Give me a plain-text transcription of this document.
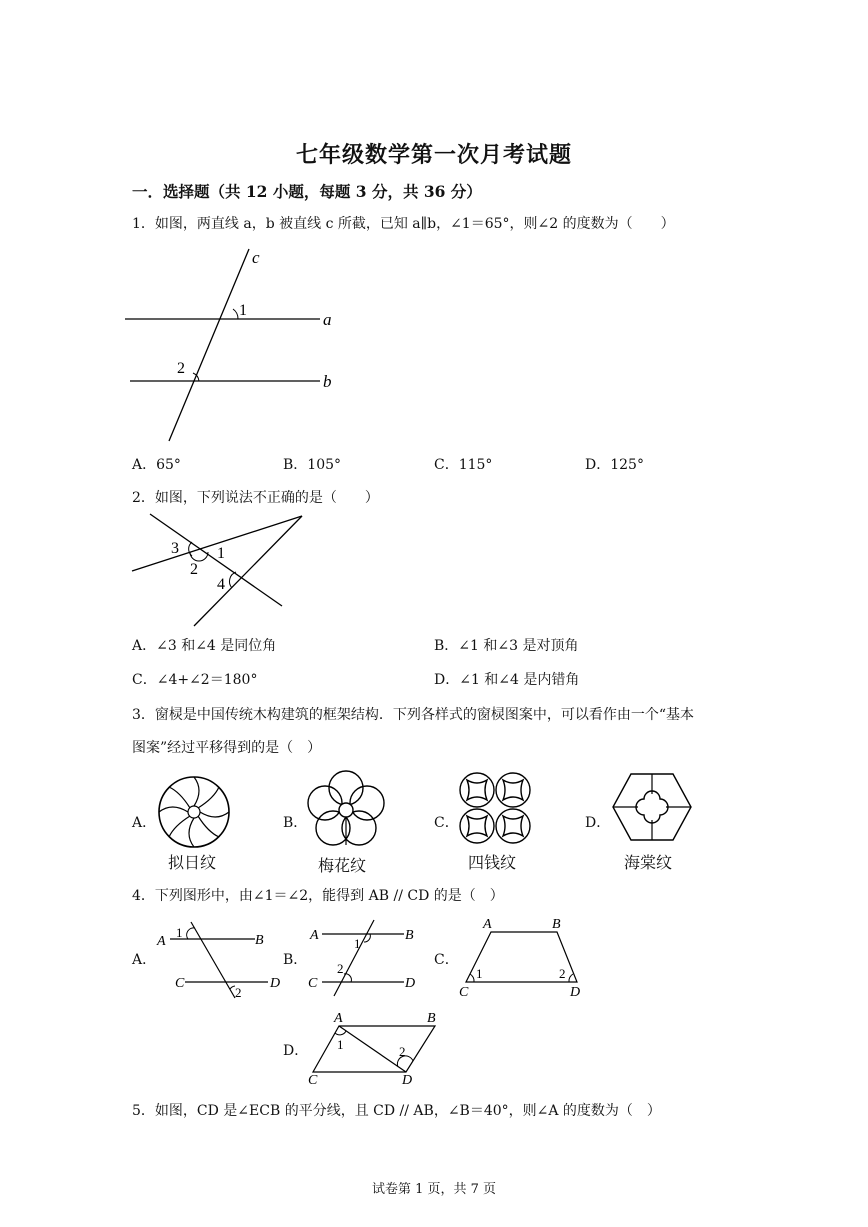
七年级数学第一次月考试题
一．选择题（共 12 小题，每题 3 分，共 36 分）
1．如图，两直线 a，b 被直线 c 所截，已知 a∥b，∠1＝65°，则∠2 的度数为（　　）
c
a
b
1
2
A．65°	B．105°	C．115°	D．125°
2．如图，下列说法不正确的是（　　）
3 1
2
4
A．∠3 和∠4 是同位角	B．∠1 和∠3 是对顶角
C．∠4+∠2＝180°	D．∠1 和∠4 是内错角
3．窗棂是中国传统木构建筑的框架结构．下列各样式的窗棂图案中，可以看作由一个“基本
图案”经过平移得到的是（　）
A．
拟日纹
B．
梅花纹
C．
四钱纹
D．
海棠纹
4．下列图形中，由∠1＝∠2，能得到 AB // CD 的是（　）
A．
A	B
C	D
1
2
B．
A	B
C	D
1
2
C．
A	B
C	D
1	2
D．
A	B
C	D
1	2
5．如图，CD 是∠ECB 的平分线，且 CD // AB，∠B＝40°，则∠A 的度数为（　）
试卷第 1 页，共 7 页
